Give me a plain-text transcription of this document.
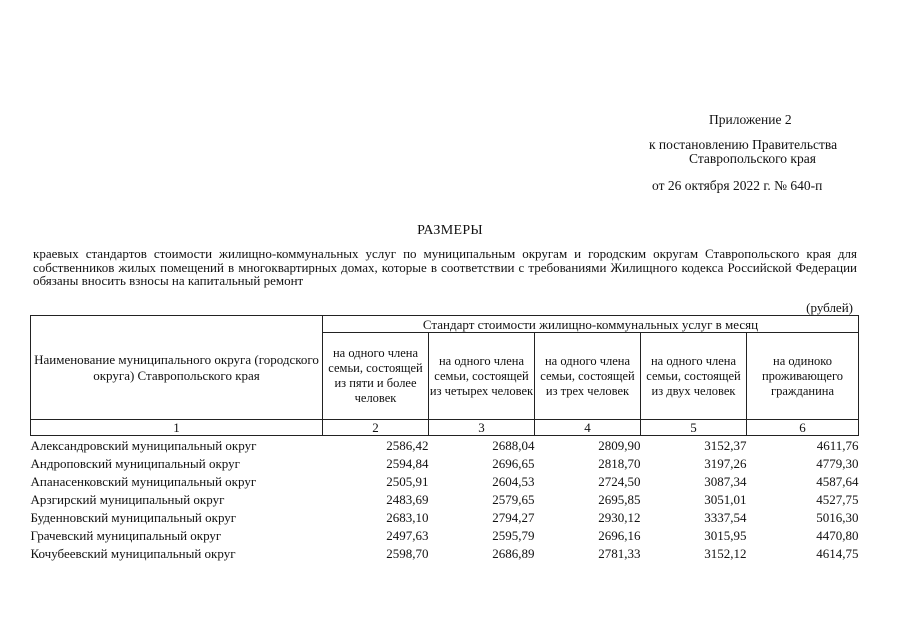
Приложение 2
к постановлению Правительства
Ставропольского края
от 26 октября 2022 г. № 640-п
РАЗМЕРЫ
краевых стандартов стоимости жилищно-коммунальных услуг по муниципальным округам и городским округам Ставропольского края для собственников жилых помещений в многоквартирных домах, которые в соответствии с требованиями Жилищного кодекса Российской Федерации обязаны вносить взносы на капитальный ремонт
(рублей)
Наименование муниципального округа (городского округа) Ставропольского края	Стандарт стоимости жилищно-коммунальных услуг в месяц				
	на одного члена семьи, состоящей из пяти и более человек	на одного члена семьи, состоящей из четырех человек	на одного члена семьи, состоящей из трех человек	на одного члена семьи, состоящей из двух человек	на одиноко проживающего гражданина
1	2	3	4	5	6
Александровский муниципальный округ	2586,42	2688,04	2809,90	3152,37	4611,76
Андроповский муниципальный округ	2594,84	2696,65	2818,70	3197,26	4779,30
Апанасенковский муниципальный округ	2505,91	2604,53	2724,50	3087,34	4587,64
Арзгирский муниципальный округ	2483,69	2579,65	2695,85	3051,01	4527,75
Буденновский муниципальный округ	2683,10	2794,27	2930,12	3337,54	5016,30
Грачевский муниципальный округ	2497,63	2595,79	2696,16	3015,95	4470,80
Кочубеевский муниципальный округ	2598,70	2686,89	2781,33	3152,12	4614,75
